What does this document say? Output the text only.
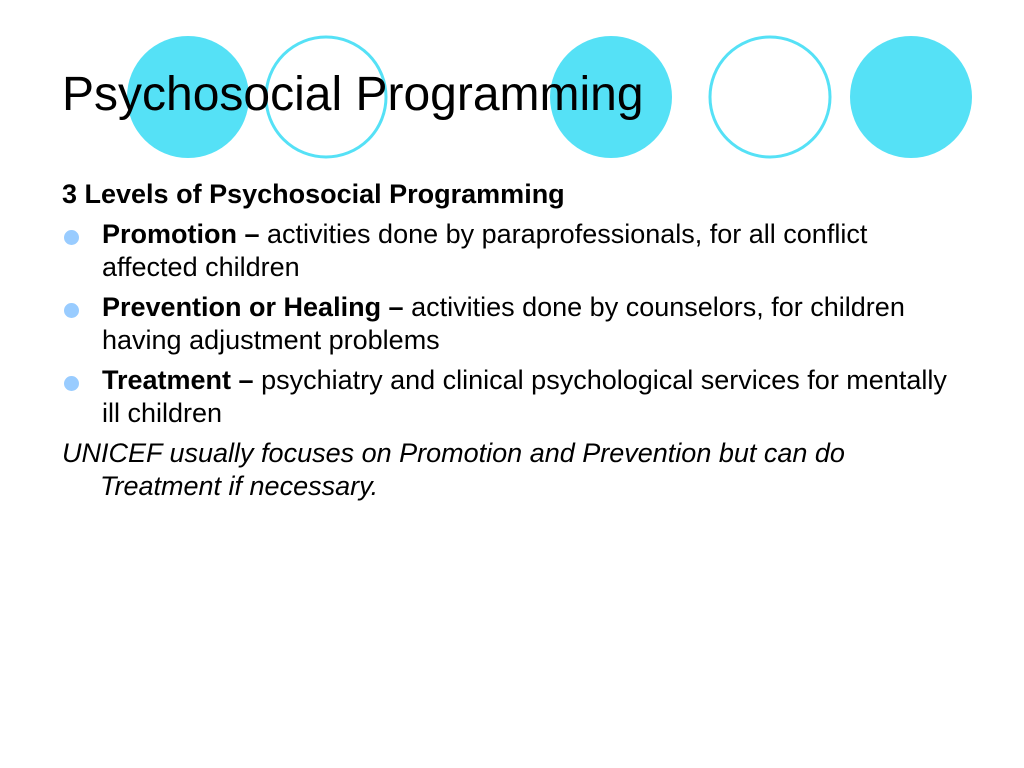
Psychosocial Programming

3 Levels of Psychosocial Programming

Promotion – activities done by paraprofessionals, for all conflict affected children

Prevention or Healing – activities done by counselors, for children having adjustment problems

Treatment – psychiatry and clinical psychological services for mentally ill children

UNICEF usually focuses on Promotion and Prevention but can do Treatment if necessary.
